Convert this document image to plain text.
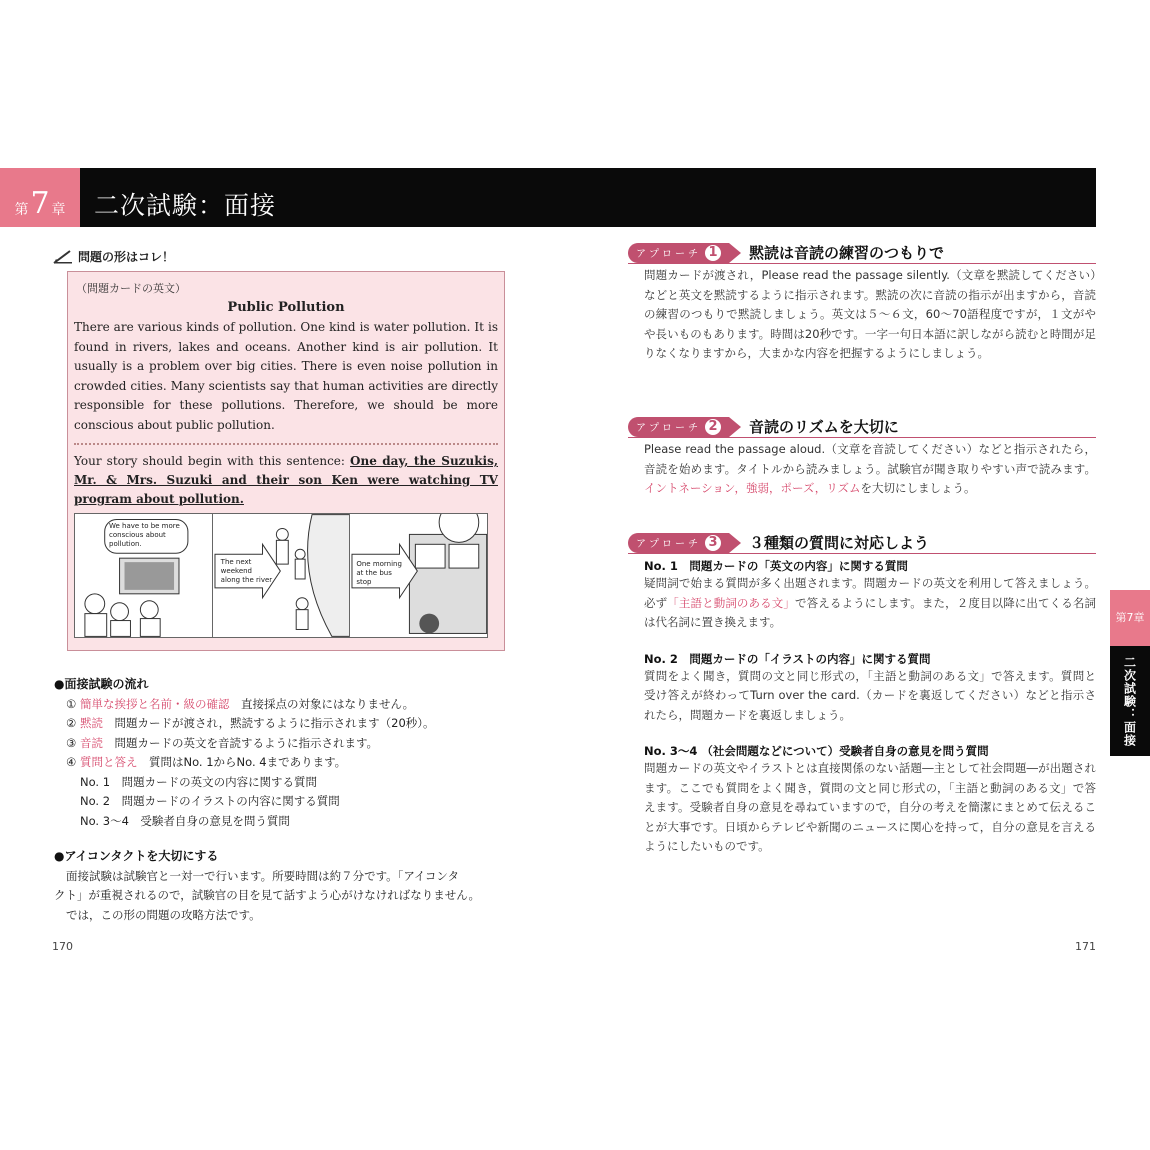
第 7 章 二次試験：面接
問題の形はコレ！
（問題カードの英文）
Public Pollution
There are various kinds of pollution. One kind is water pollution. It is found in rivers, lakes and oceans. Another kind is air pollution. It usually is a problem over big cities. There is even noise pollution in crowded cities. Many scientists say that human activities are directly responsible for these pollutions. Therefore, we should be more conscious about public pollution.
Your story should begin with this sentence: One day, the Suzukis, Mr. & Mrs. Suzuki and their son Ken were watching TV program about pollution.
We have to be more conscious about pollution.
The next weekend along the river
One morning at the bus stop
●面接試験の流れ
① 簡単な挨拶と名前・級の確認　直接採点の対象にはなりません。
② 黙読　問題カードが渡され，黙読するように指示されます（20秒）。
③ 音読　問題カードの英文を音読するように指示されます。
④ 質問と答え　質問はNo. 1からNo. 4まであります。
No. 1　問題カードの英文の内容に関する質問
No. 2　問題カードのイラストの内容に関する質問
No. 3～4　受験者自身の意見を問う質問
●アイコンタクトを大切にする
面接試験は試験官と一対一で行います。所要時間は約７分です。「アイコンタ
クト」が重視されるので，試験官の目を見て話すよう心がけなければなりません。
では，この形の問題の攻略方法です。
170
アプローチ 1	黙読は音読の練習のつもりで
問題カードが渡され，Please read the passage silently.（文章を黙読してください）などと英文を黙読するように指示されます。黙読の次に音読の指示が出ますから，音読の練習のつもりで黙読しましょう。英文は５～６文，60～70語程度ですが，１文がやや長いものもあります。時間は20秒です。一字一句日本語に訳しながら読むと時間が足りなくなりますから，大まかな内容を把握するようにしましょう。
アプローチ 2	音読のリズムを大切に
Please read the passage aloud.（文章を音読してください）などと指示されたら，音読を始めます。タイトルから読みましょう。試験官が聞き取りやすい声で読みます。イントネーション，強弱，ポーズ，リズムを大切にしましょう。
アプローチ 3	３種類の質問に対応しよう
No. 1　問題カードの「英文の内容」に関する質問
疑問詞で始まる質問が多く出題されます。問題カードの英文を利用して答えましょう。必ず「主語と動詞のある文」で答えるようにします。また，２度目以降に出てくる名詞は代名詞に置き換えます。
No. 2　問題カードの「イラストの内容」に関する質問
質問をよく聞き，質問の文と同じ形式の，「主語と動詞のある文」で答えます。質問と受け答えが終わってTurn over the card.（カードを裏返してください）などと指示されたら，問題カードを裏返しましょう。
No. 3～4 （社会問題などについて）受験者自身の意見を問う質問
問題カードの英文やイラストとは直接関係のない話題―主として社会問題―が出題されます。ここでも質問をよく聞き，質問の文と同じ形式の，「主語と動詞のある文」で答えます。受験者自身の意見を尋ねていますので，自分の考えを簡潔にまとめて伝えることが大事です。日頃からテレビや新聞のニュースに関心を持って，自分の意見を言えるようにしたいものです。
第7章
二次試験：面接
171
